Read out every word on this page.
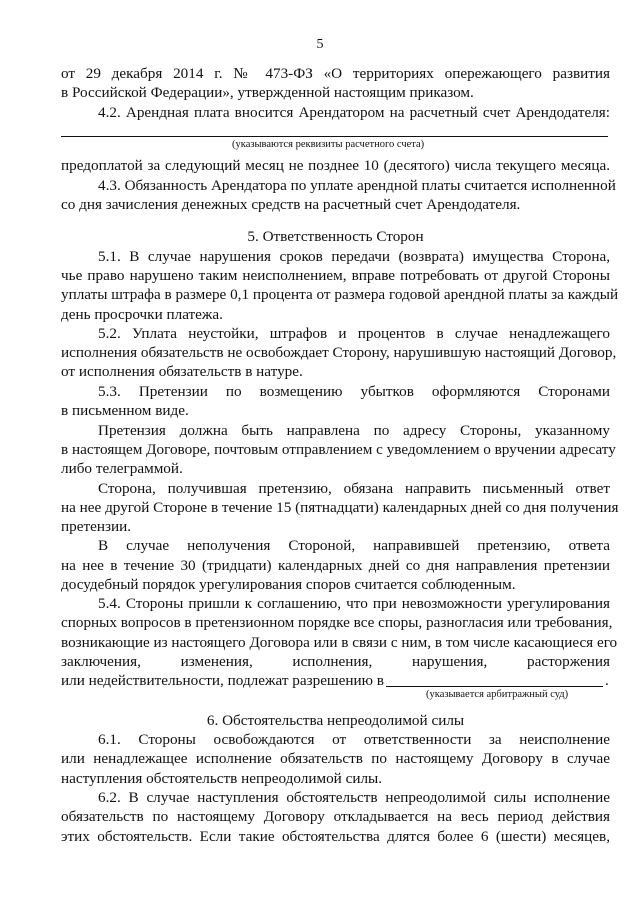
5
от 29 декабря 2014 г. № 473-ФЗ «О территориях опережающего развития
в Российской Федерации», утвержденной настоящим приказом.
4.2. Арендная плата вносится Арендатором на расчетный счет Арендодателя:
(указываются реквизиты расчетного счета)
предоплатой за следующий месяц не позднее 10 (десятого) числа текущего месяца.
4.3. Обязанность Арендатора по уплате арендной платы считается исполненной
со дня зачисления денежных средств на расчетный счет Арендодателя.
5. Ответственность Сторон
5.1. В случае нарушения сроков передачи (возврата) имущества Сторона,
чье право нарушено таким неисполнением, вправе потребовать от другой Стороны
уплаты штрафа в размере 0,1 процента от размера годовой арендной платы за каждый
день просрочки платежа.
5.2. Уплата неустойки, штрафов и процентов в случае ненадлежащего
исполнения обязательств не освобождает Сторону, нарушившую настоящий Договор,
от исполнения обязательств в натуре.
5.3. Претензии по возмещению убытков оформляются Сторонами
в письменном виде.
Претензия должна быть направлена по адресу Стороны, указанному
в настоящем Договоре, почтовым отправлением с уведомлением о вручении адресату
либо телеграммой.
Сторона, получившая претензию, обязана направить письменный ответ
на нее другой Стороне в течение 15 (пятнадцати) календарных дней со дня получения
претензии.
В случае неполучения Стороной, направившей претензию, ответа
на нее в течение 30 (тридцати) календарных дней со дня направления претензии
досудебный порядок урегулирования споров считается соблюденным.
5.4. Стороны пришли к соглашению, что при невозможности урегулирования
спорных вопросов в претензионном порядке все споры, разногласия или требования,
возникающие из настоящего Договора или в связи с ним, в том числе касающиеся его
заключения, изменения, исполнения, нарушения, расторжения
или недействительности, подлежат разрешению в	.
(указывается арбитражный суд)
6. Обстоятельства непреодолимой силы
6.1. Стороны освобождаются от ответственности за неисполнение
или ненадлежащее исполнение обязательств по настоящему Договору в случае
наступления обстоятельств непреодолимой силы.
6.2. В случае наступления обстоятельств непреодолимой силы исполнение
обязательств по настоящему Договору откладывается на весь период действия
этих обстоятельств. Если такие обстоятельства длятся более 6 (шести) месяцев,
